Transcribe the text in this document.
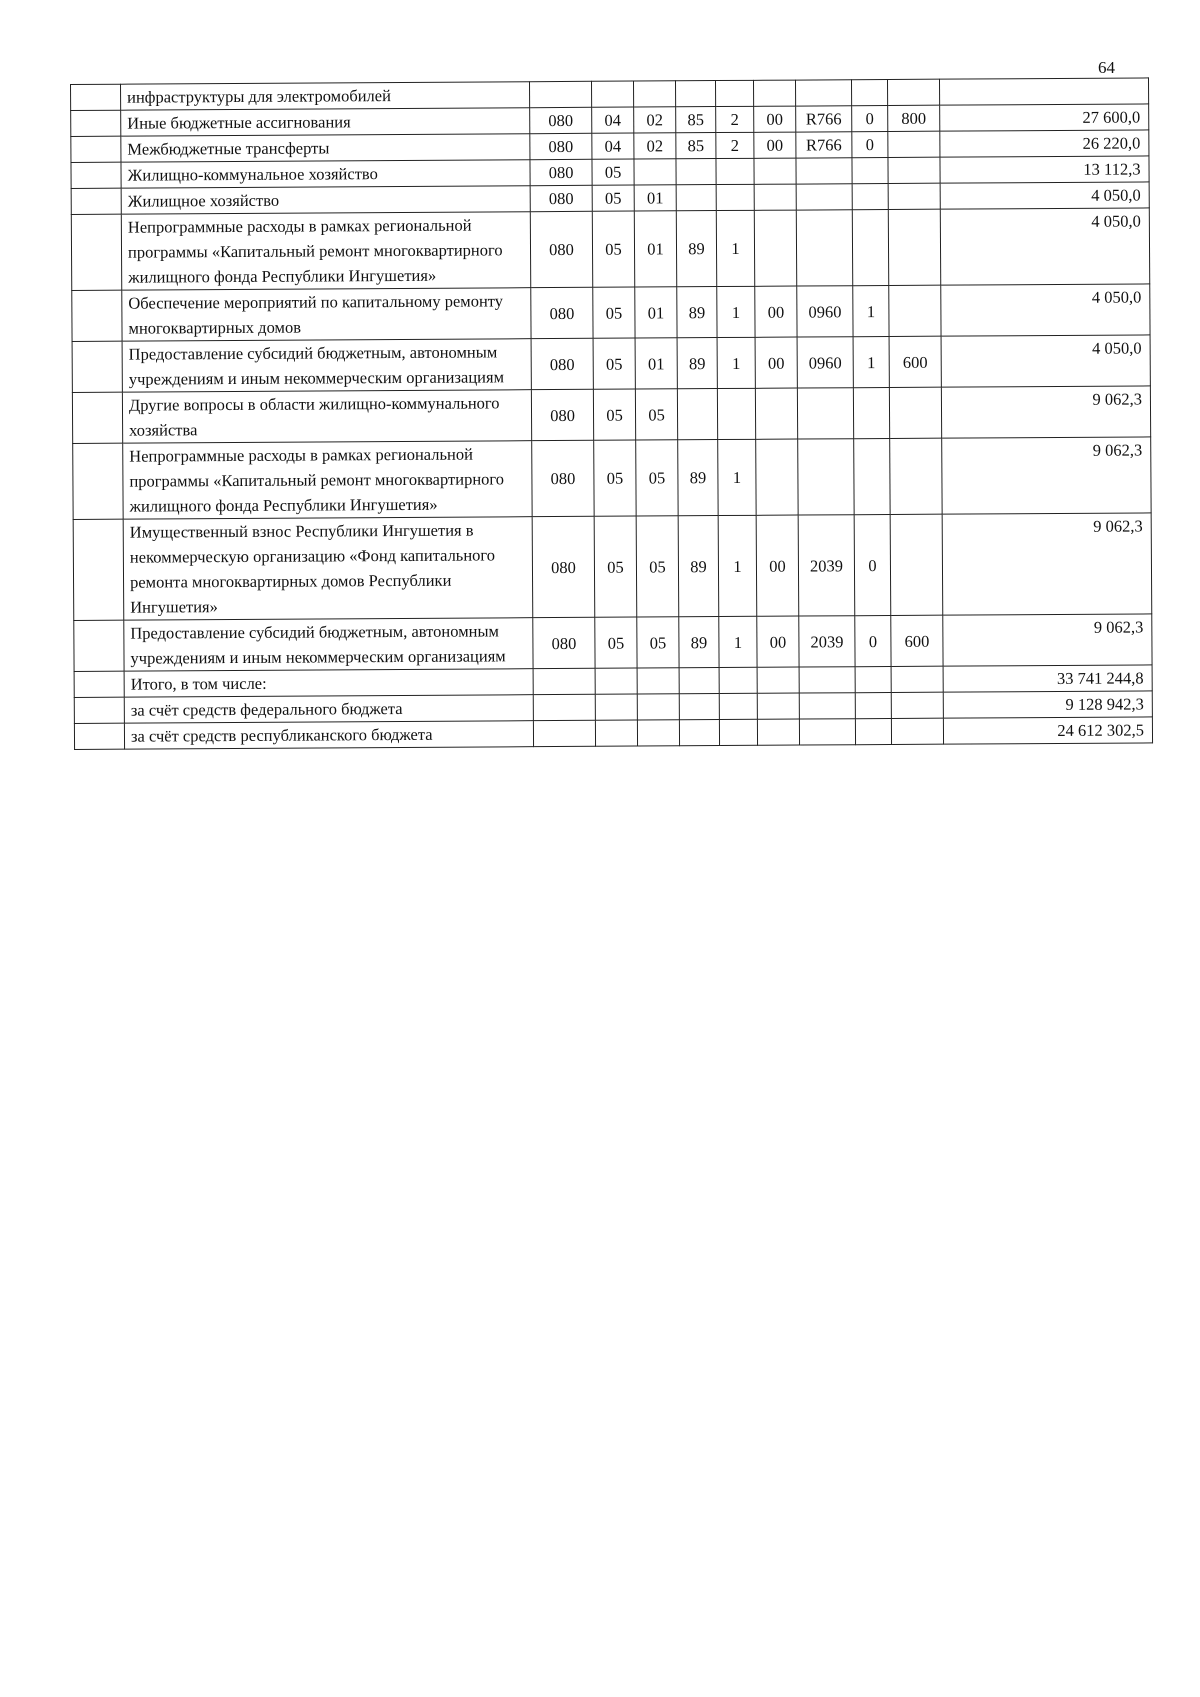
64
	инфраструктуры для электромобилей										
	Иные бюджетные ассигнования	080	04	02	85	2	00	R766	0	800	27 600,0
	Межбюджетные трансферты	080	04	02	85	2	00	R766	0		26 220,0
	Жилищно-коммунальное хозяйство	080	05								13 112,3
	Жилищное хозяйство	080	05	01							4 050,0
	Непрограммные расходы в рамках региональной программы «Капитальный ремонт многоквартирного жилищного фонда Республики Ингушетия»	080	05	01	89	1					4 050,0
	Обеспечение мероприятий по капитальному ремонту многоквартирных домов	080	05	01	89	1	00	0960	1		4 050,0
	Предоставление субсидий бюджетным, автономным учреждениям и иным некоммерческим организациям	080	05	01	89	1	00	0960	1	600	4 050,0
	Другие вопросы в области жилищно-коммунального хозяйства	080	05	05							9 062,3
	Непрограммные расходы в рамках региональной программы «Капитальный ремонт многоквартирного жилищного фонда Республики Ингушетия»	080	05	05	89	1					9 062,3
	Имущественный взнос Республики Ингушетия в некоммерческую организацию «Фонд капитального ремонта многоквартирных домов Республики Ингушетия»	080	05	05	89	1	00	2039	0		9 062,3
	Предоставление субсидий бюджетным, автономным учреждениям и иным некоммерческим организациям	080	05	05	89	1	00	2039	0	600	9 062,3
	Итого, в том числе:										33 741 244,8
	за счёт средств федерального бюджета										9 128 942,3
	за счёт средств республиканского бюджета										24 612 302,5
